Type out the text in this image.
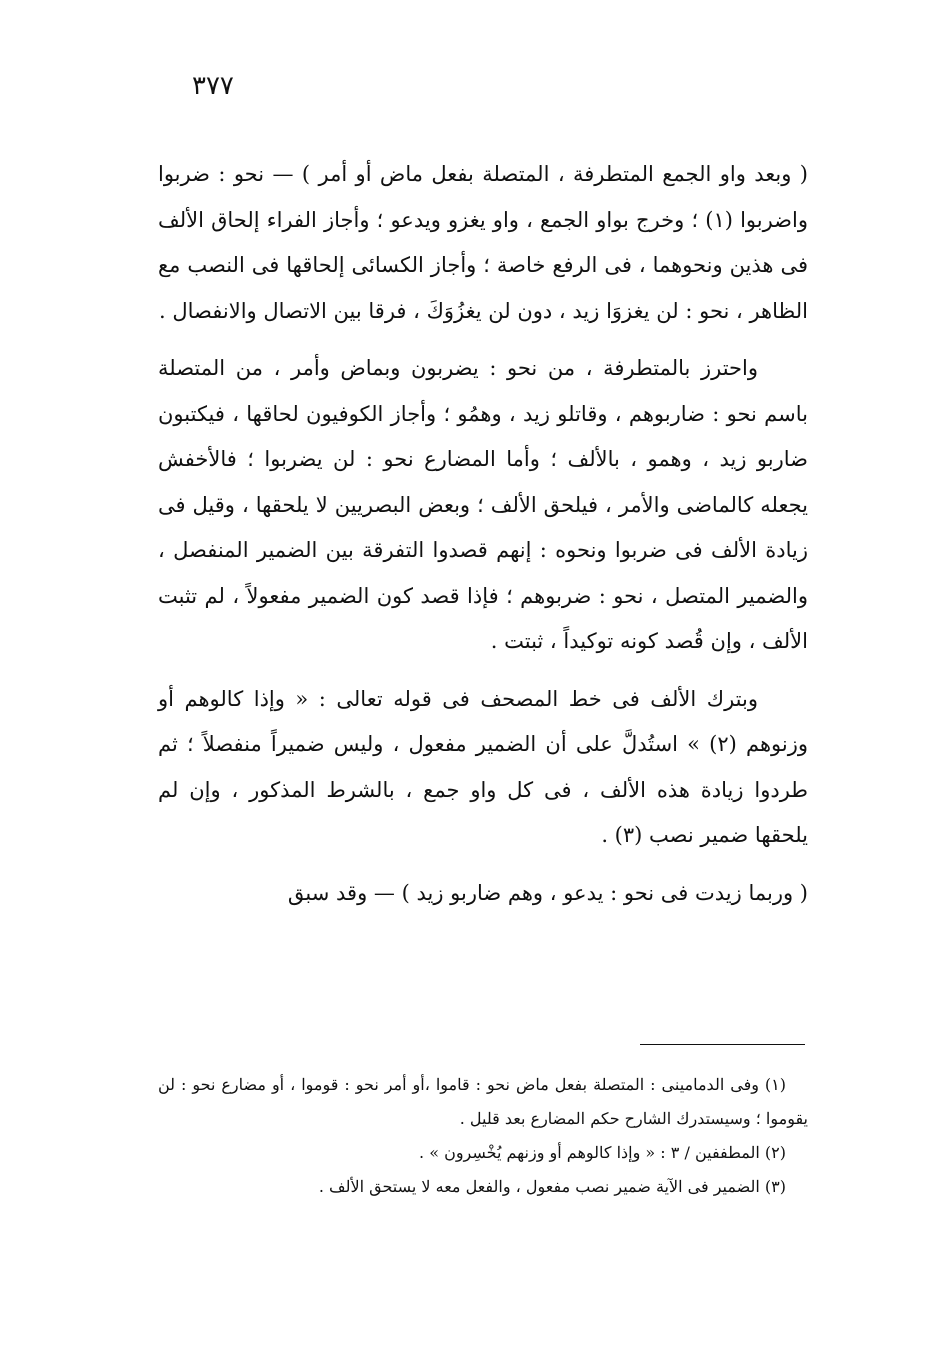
٣٧٧

( وبعد واو الجمع المتطرفة ، المتصلة بفعل ماض أو أمر ) — نحو : ضربوا واضربوا (١) ؛ وخرج بواو الجمع ، واو يغزو ويدعو ؛ وأجاز الفراء إلحاق الألف فى هذين ونحوهما ، فى الرفع خاصة ؛ وأجاز الكسائى إلحاقها فى النصب مع الظاهر ، نحو : لن يغزوَا زيد ، دون لن يغزُوَكَ ، فرقا بين الاتصال والانفصال .

واحترز بالمتطرفة ، من نحو : يضربون وبماض وأمر ، من المتصلة باسم نحو : ضاربوهم ، وقاتلو زيد ، وهمُو ؛ وأجاز الكوفيون لحاقها ، فيكتبون ضاربو زيد ، وهمو ، بالألف ؛ وأما المضارع نحو : لن يضربوا ؛ فالأخفش يجعله كالماضى والأمر ، فيلحق الألف ؛ وبعض البصريين لا يلحقها ، وقيل فى زيادة الألف فى ضربوا ونحوه : إنهم قصدوا التفرقة بين الضمير المنفصل ، والضمير المتصل ، نحو : ضربوهم ؛ فإذا قصد كون الضمير مفعولاً ، لم تثبت الألف ، وإن قُصد كونه توكيداً ، ثبتت .

وبترك الألف فى خط المصحف فى قوله تعالى : « وإذا كالوهم أو وزنوهم (٢) » استُدلَّ على أن الضمير مفعول ، وليس ضميراً منفصلاً ؛ ثم طردوا زيادة هذه الألف ، فى كل واو جمع ، بالشرط المذكور ، وإن لم يلحقها ضمير نصب (٣) .

( وربما زيدت فى نحو : يدعو ، وهم ضاربو زيد ) — وقد سبق

(١) وفى الدمامينى : المتصلة بفعل ماض نحو : قاموا ،أو أمر نحو : قوموا ، أو مضارع نحو : لن يقوموا ؛ وسيستدرك الشارح حكم المضارع بعد قليل .

(٢) المطففين / ٣ : « وإذا كالوهم أو وزنهم يُخْسِرون » .

(٣) الضمير فى الآية ضمير نصب مفعول ، والفعل معه لا يستحق الألف .
